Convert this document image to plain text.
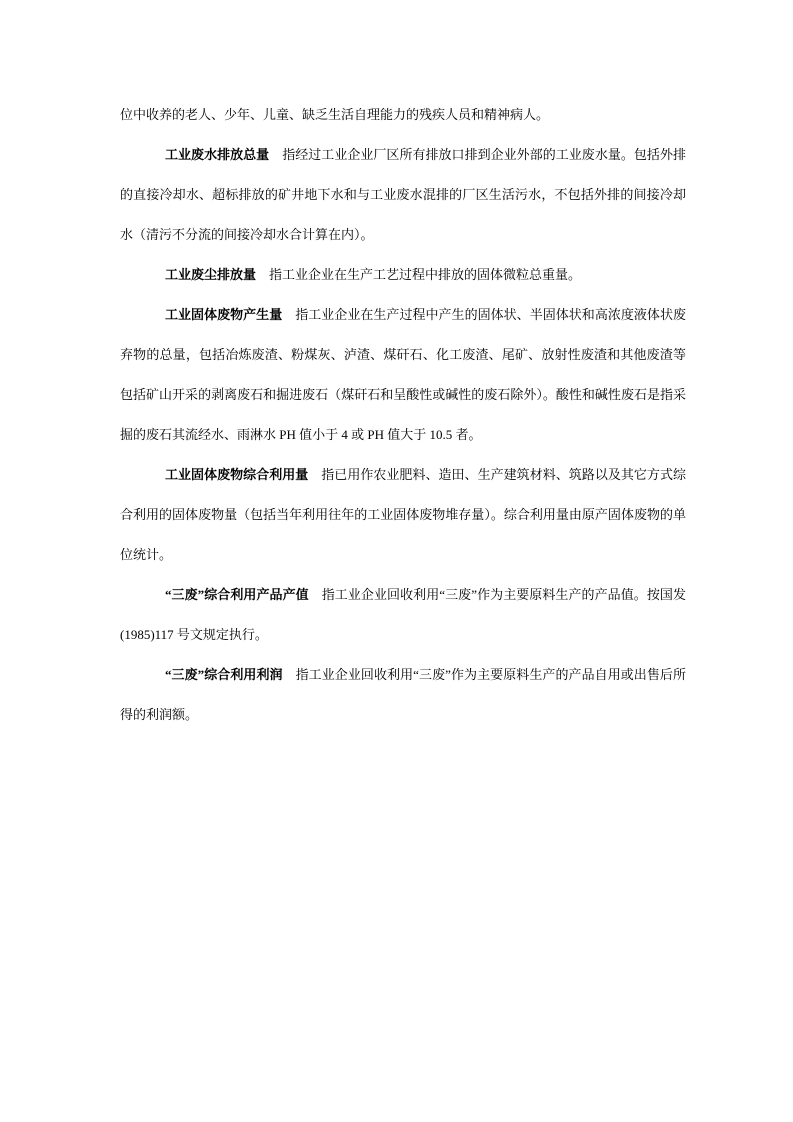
位中收养的老人、少年、儿童、缺乏生活自理能力的残疾人员和精神病人。

工业废水排放总量 指经过工业企业厂区所有排放口排到企业外部的工业废水量。包括外排的直接冷却水、超标排放的矿井地下水和与工业废水混排的厂区生活污水，不包括外排的间接冷却水（清污不分流的间接冷却水合计算在内）。

工业废尘排放量 指工业企业在生产工艺过程中排放的固体微粒总重量。

工业固体废物产生量 指工业企业在生产过程中产生的固体状、半固体状和高浓度液体状废弃物的总量，包括冶炼废渣、粉煤灰、泸渣、煤矸石、化工废渣、尾矿、放射性废渣和其他废渣等包括矿山开采的剥离废石和掘进废石（煤矸石和呈酸性或碱性的废石除外）。酸性和碱性废石是指采掘的废石其流经水、雨淋水 PH 值小于 4 或 PH 值大于 10.5 者。

工业固体废物综合利用量 指已用作农业肥料、造田、生产建筑材料、筑路以及其它方式综合利用的固体废物量（包括当年利用往年的工业固体废物堆存量）。综合利用量由原产固体废物的单位统计。

“三废”综合利用产品产值 指工业企业回收利用“三废”作为主要原料生产的产品值。按国发(1985)117 号文规定执行。

“三废”综合利用利润 指工业企业回收利用“三废”作为主要原料生产的产品自用或出售后所得的利润额。
